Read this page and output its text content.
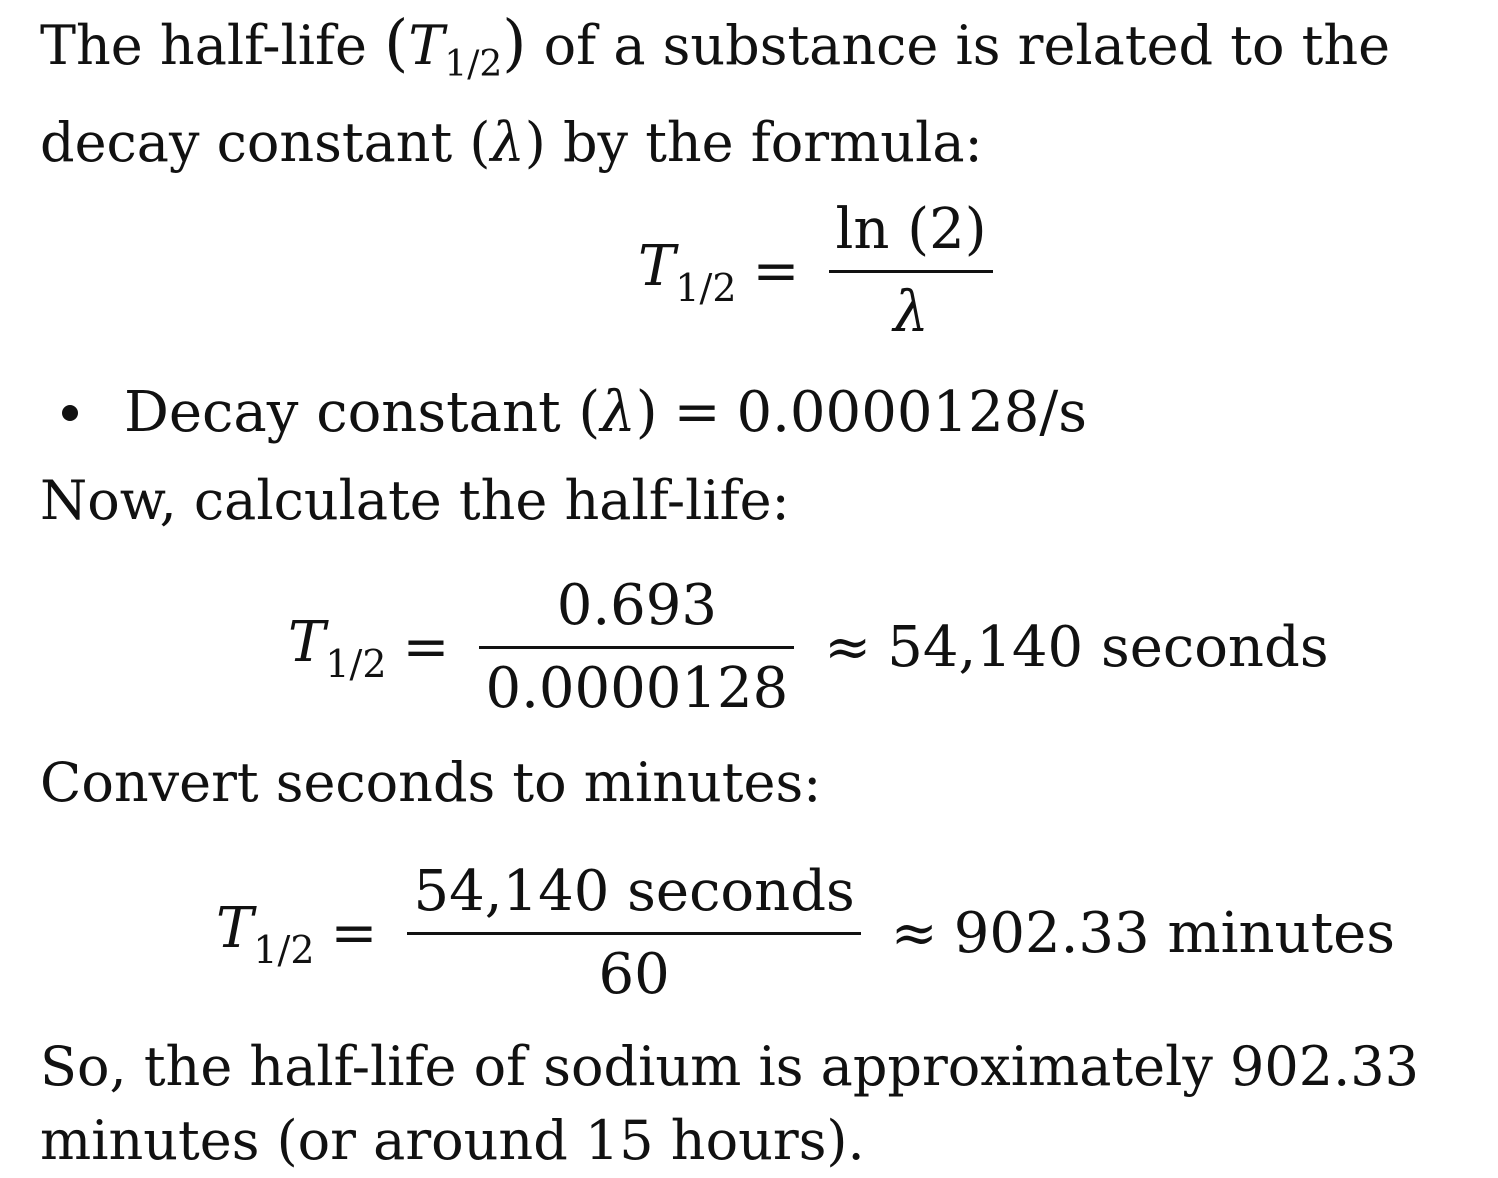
The half-life $(T_{1/2})$ of a substance is related to the
decay constant (λ) by the formula:

$T_{1/2} = \frac{\ln (2)}{\lambda}$
Decay constant ( λ ) = 0.0000128/s

Now, calculate the half-life:

Convert seconds to minutes:

So, the half-life of sodium is approximately 902.33
minutes (or around 15 hours).

$T_{1/2} = \frac{0.693}{0.0000128} \approx 54,140$ seconds
$T_{1/2} = \frac{\text{54,140 seconds}}{60} \approx 902.33$ minutes
